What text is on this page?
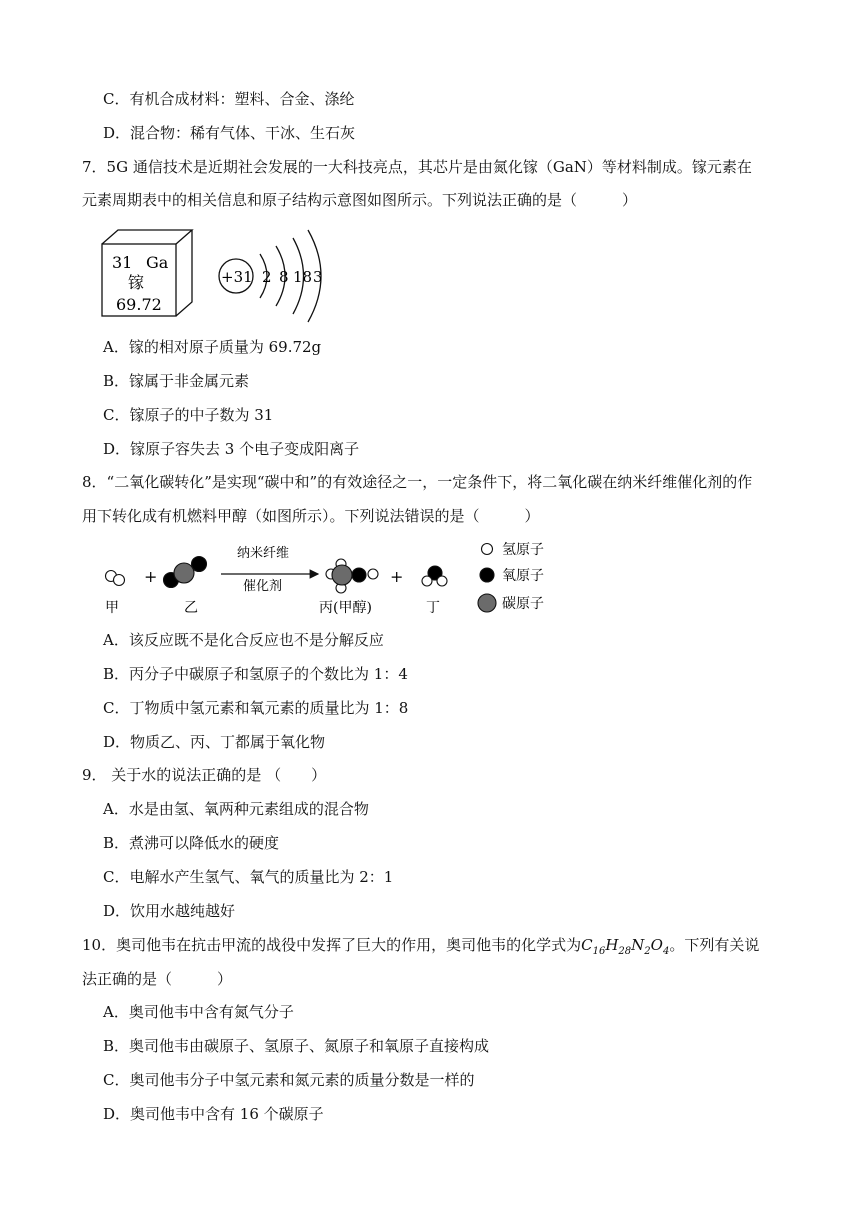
C．有机合成材料：塑料、合金、涤纶
D．混合物：稀有气体、干冰、生石灰
7．5G 通信技术是近期社会发展的一大科技亮点，其芯片是由氮化镓（GaN）等材料制成。镓元素在
元素周期表中的相关信息和原子结构示意图如图所示。下列说法正确的是（　　　）
31 Ga
镓
69.72
+31 2 8 18 3
A．镓的相对原子质量为 69.72g
B．镓属于非金属元素
C．镓原子的中子数为 31
D．镓原子容失去 3 个电子变成阳离子
8．“二氧化碳转化”是实现“碳中和”的有效途径之一，一定条件下，将二氧化碳在纳米纤维催化剂的作
用下转化成有机燃料甲醇（如图所示）。下列说法错误的是（　　　）
+
纳米纤维
催化剂
+
甲	乙	丙(甲醇)	丁
氢原子
氧原子
碳原子
A．该反应既不是化合反应也不是分解反应
B．丙分子中碳原子和氢原子的个数比为 1：4
C．丁物质中氢元素和氧元素的质量比为 1：8
D．物质乙、丙、丁都属于氧化物
9． 关于水的说法正确的是 （　　）
A．水是由氢、氧两种元素组成的混合物
B．煮沸可以降低水的硬度
C．电解水产生氢气、氧气的质量比为 2：1
D．饮用水越纯越好
10．奥司他韦在抗击甲流的战役中发挥了巨大的作用，奥司他韦的化学式为$C_{16}H_{28}N_2O_4$。下列有关说
法正确的是（　　　）
A．奥司他韦中含有氮气分子
B．奥司他韦由碳原子、氢原子、氮原子和氧原子直接构成
C．奥司他韦分子中氢元素和氮元素的质量分数是一样的
D．奥司他韦中含有 16 个碳原子
